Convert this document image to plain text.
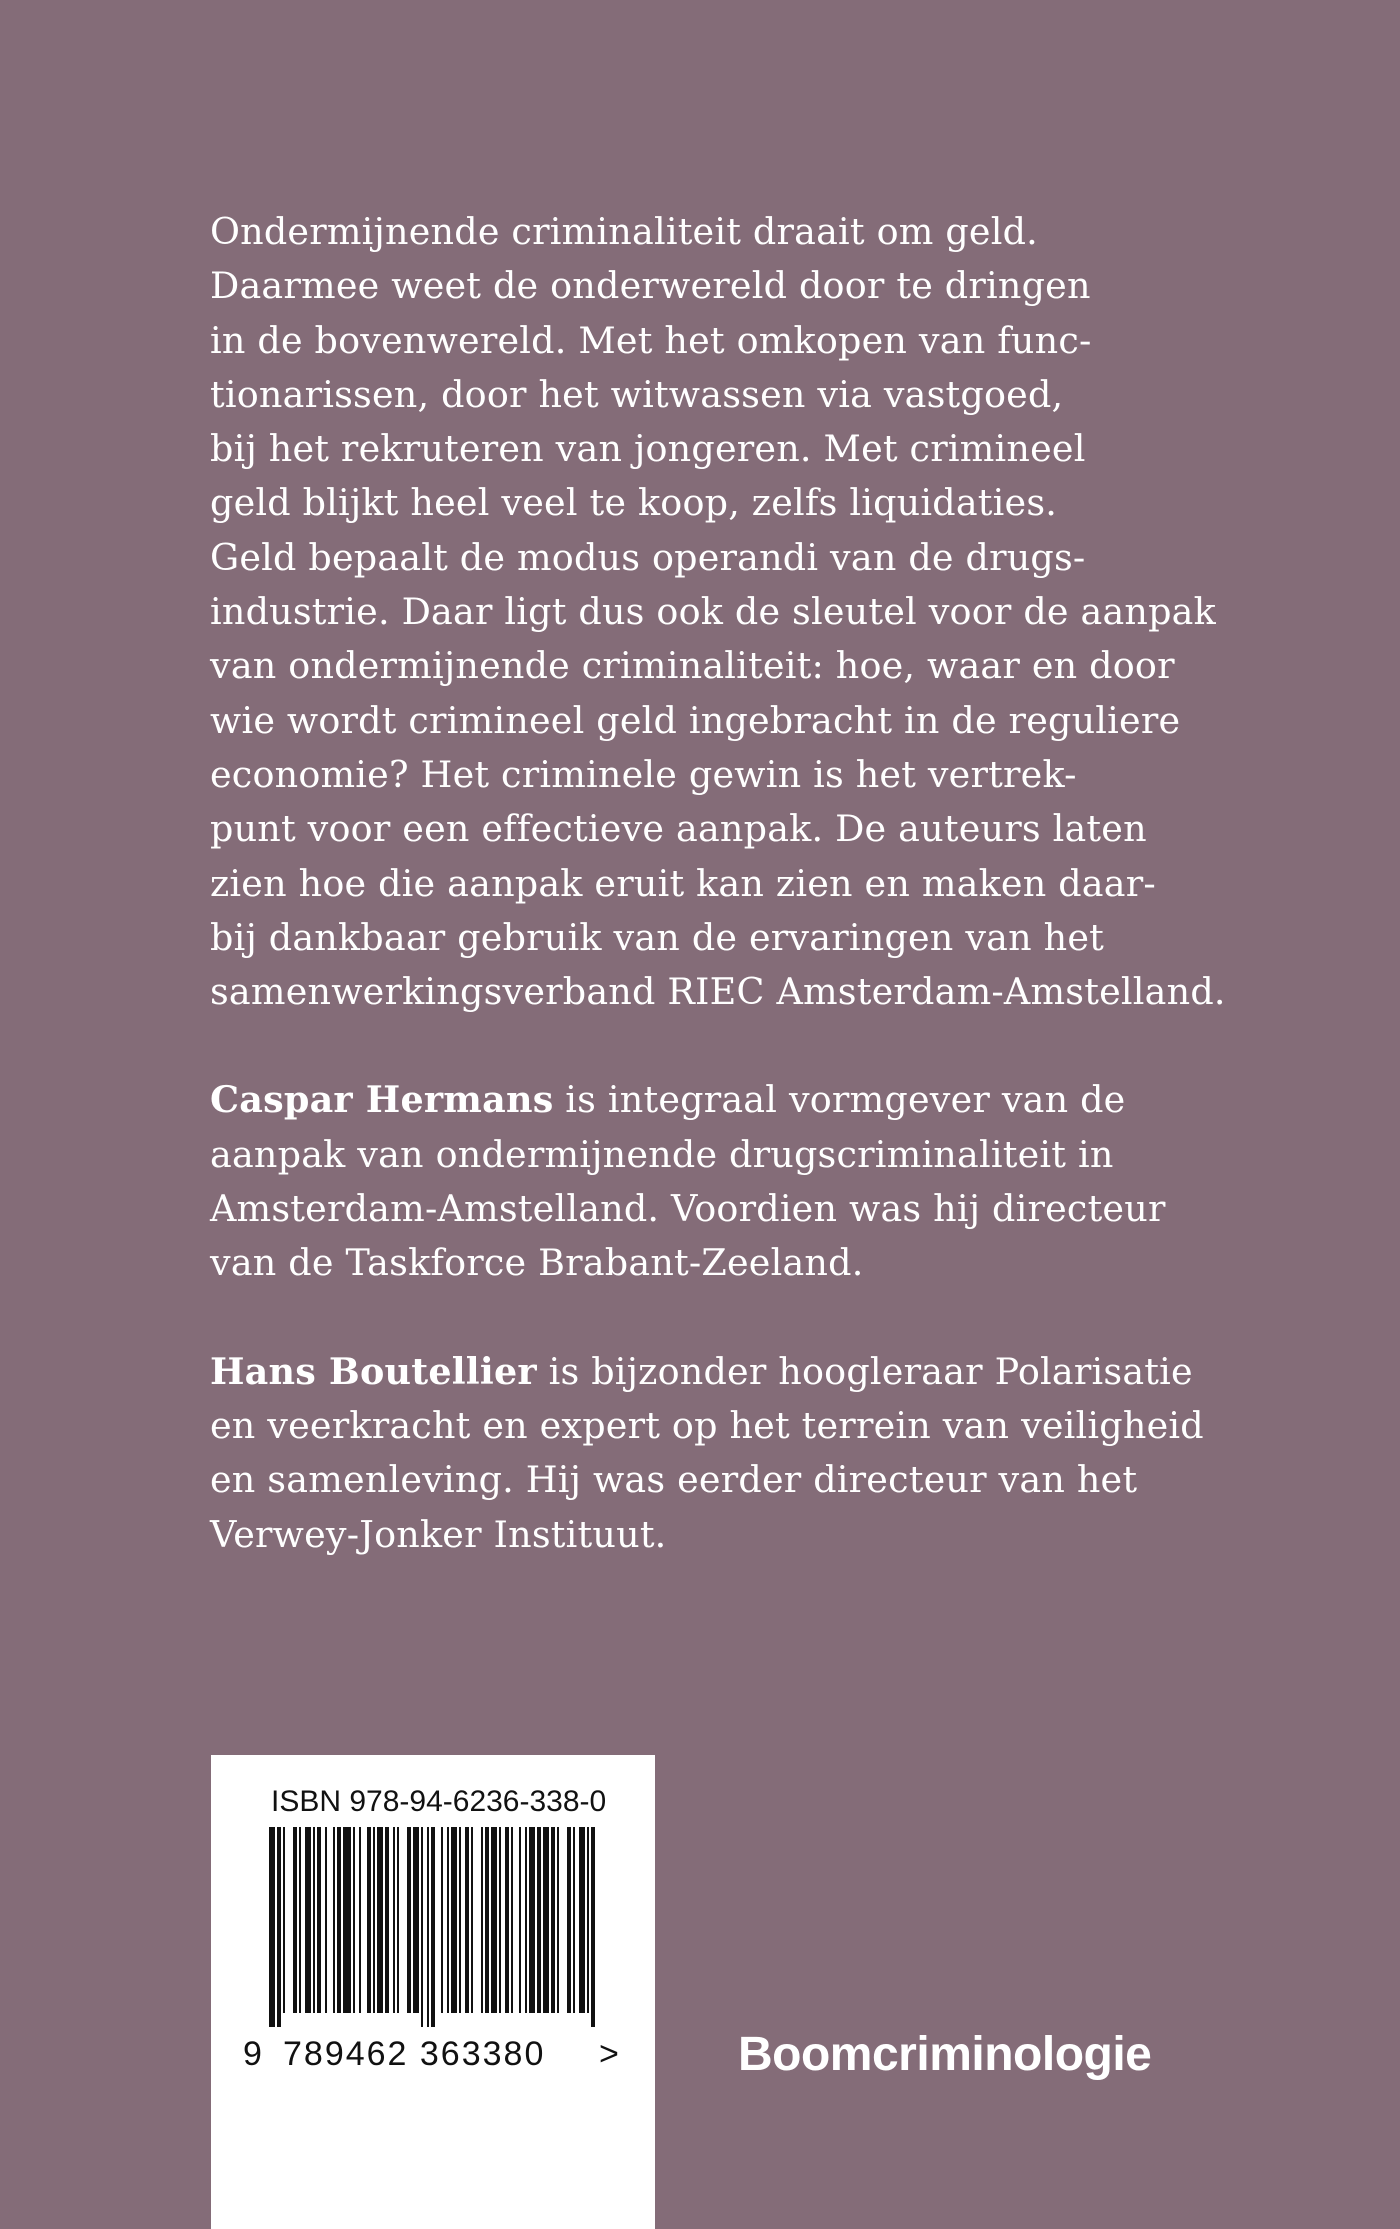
Ondermijnende criminaliteit draait om geld.
Daarmee weet de onderwereld door te dringen
in de bovenwereld. Met het omkopen van func-
tionarissen, door het witwassen via vastgoed,
bij het rekruteren van jongeren. Met crimineel
geld blijkt heel veel te koop, zelfs liquidaties.
Geld bepaalt de modus operandi van de drugs-
industrie. Daar ligt dus ook de sleutel voor de aanpak
van ondermijnende criminaliteit: hoe, waar en door
wie wordt crimineel geld ingebracht in de reguliere
economie? Het criminele gewin is het vertrek-
punt voor een effectieve aanpak. De auteurs laten
zien hoe die aanpak eruit kan zien en maken daar-
bij dankbaar gebruik van de ervaringen van het
samenwerkingsverband RIEC Amsterdam-Amstelland.
Caspar Hermans is integraal vormgever van de
aanpak van ondermijnende drugscriminaliteit in
Amsterdam-Amstelland. Voordien was hij directeur
van de Taskforce Brabant-Zeeland.
Hans Boutellier is bijzonder hoogleraar Polarisatie
en veerkracht en expert op het terrein van veiligheid
en samenleving. Hij was eerder directeur van het
Verwey-Jonker Instituut.
ISBN 978-94-6236-338-0
9 789462 363380 > Boomcriminologie
